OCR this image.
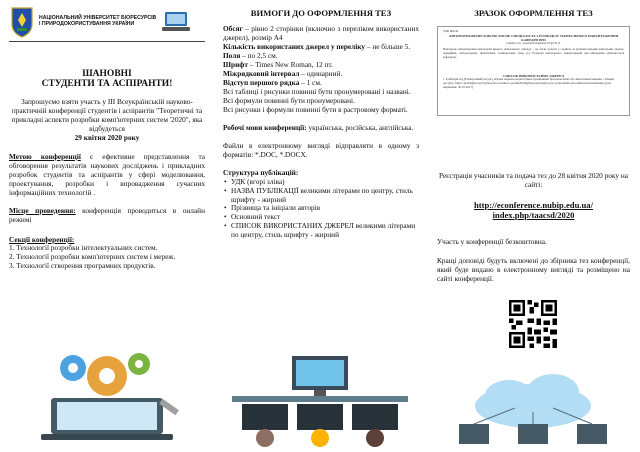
НАЦІОНАЛЬНИЙ УНІВЕРСИТЕТ БІОРЕСУРСІВ І ПРИРОДОКОРИСТУВАННЯ УКРАЇНИ
ШАНОВНІ
СТУДЕНТИ ТА АСПІРАНТИ!

Запрошуємо взяти участь у ІІІ Всеукраїнській науково-практичній конференції студентів і аспірантів "Теоретичні та прикладні аспекти розробки комп'ютерних систем '2020", яка відбудеться

29 квітня 2020 року

Метою конференції є ефективне представлення та обговорення результатів наукових досліджень і прикладних розробок студентів та аспірантів у сфері моделювання, проектування, розробки і впровадження сучасних інформаційних технологій .

Місце проведення: конференція проводиться в онлайн режимі

Секції конференції:

1. Технології розробки інтелектуальних систем.

2. Технології розробки комп'ютерних систем і мереж.

3. Технології створення програмних продуктів.

ВИМОГИ ДО ОФОРМЛЕННЯ ТЕЗ

Обсяг – рівно 2 сторінки (включно з переліком використаних джерел), розмір А4

Кількість використаних джерел у переліку – не більше 5.

Поля – по 2,5 см.

Шрифт – Times New Roman, 12 пт.

Міжрядковий інтервал – одинарний.

Відступ першого рядка – 1 см.

Всі таблиці і рисунки повинні бути пронумеровані і названі.

Всі формули повинні бути пронумеровані.

Всі рисунки і формули повинні бути в растровому форматі.

Робочі мови конференції: українська, російська, англійська.

Файли в електронному вигляді відправляти в одному з форматів: *.DOC, *.DOCX.

Структура публікацій:

• УДК (вгорі зліва)
• НАЗВА ПУБЛІКАЦІЇ великими літерами по центру, стиль шрифту - жирний
• Прізвища та ініціали авторів
• Основний текст
• СПИСОК ВИКОРИСТАНИХ ДЖЕРЕЛ великими літерами по центру, стиль шрифту - жирний

ЗРАЗОК ОФОРМЛЕННЯ ТЕЗ

УДК 004.42
АВТОМАТИЗОВАНЕ РОБОЧЕ МІСЦЕ СПЕЦІАЛІСТА З РОЗПОДІЛУ НАВЧАЛЬНОГО НАВАНТАЖЕННЯ КАФЕДРИ ВНЗ
Гнатів І.О., науковий керівник Голуб Б.Л.
Навчальне навантаження викладачів вищого навчального закладу – це обсяг роботи у годинах за різними видами навчальних занять: лекційних, лабораторних, практичних, семінарських тощо [1]. Розподіл навчального навантаження для викладачів здійснюється кафедрою.
СПИСОК ВИКОРИСТАНИХ ДЖЕРЕЛ
1. Profisight.org [Електронний ресурс] «Права науково-педагогічних працівників при включенні або зміні навантаження» - Режим доступу: https://profisight.org/articles/pravo-naukovo-pedahohichnykh-pratsivnykiv-pry-vyznachenni-abo-zmini-navantazhennia (дата звернення: 30.10.2017)

Реєстрація учасників та подача тез до 28 квітня 2020 року на сайті:

http://econference.nubip.edu.ua/
index.php/taacsd/2020

Участь у конференції безкоштовна.

Кращі доповіді будуть включені до збірника тез конференції, який буде видано в електронному вигляді та розміщено на сайті конференції.
